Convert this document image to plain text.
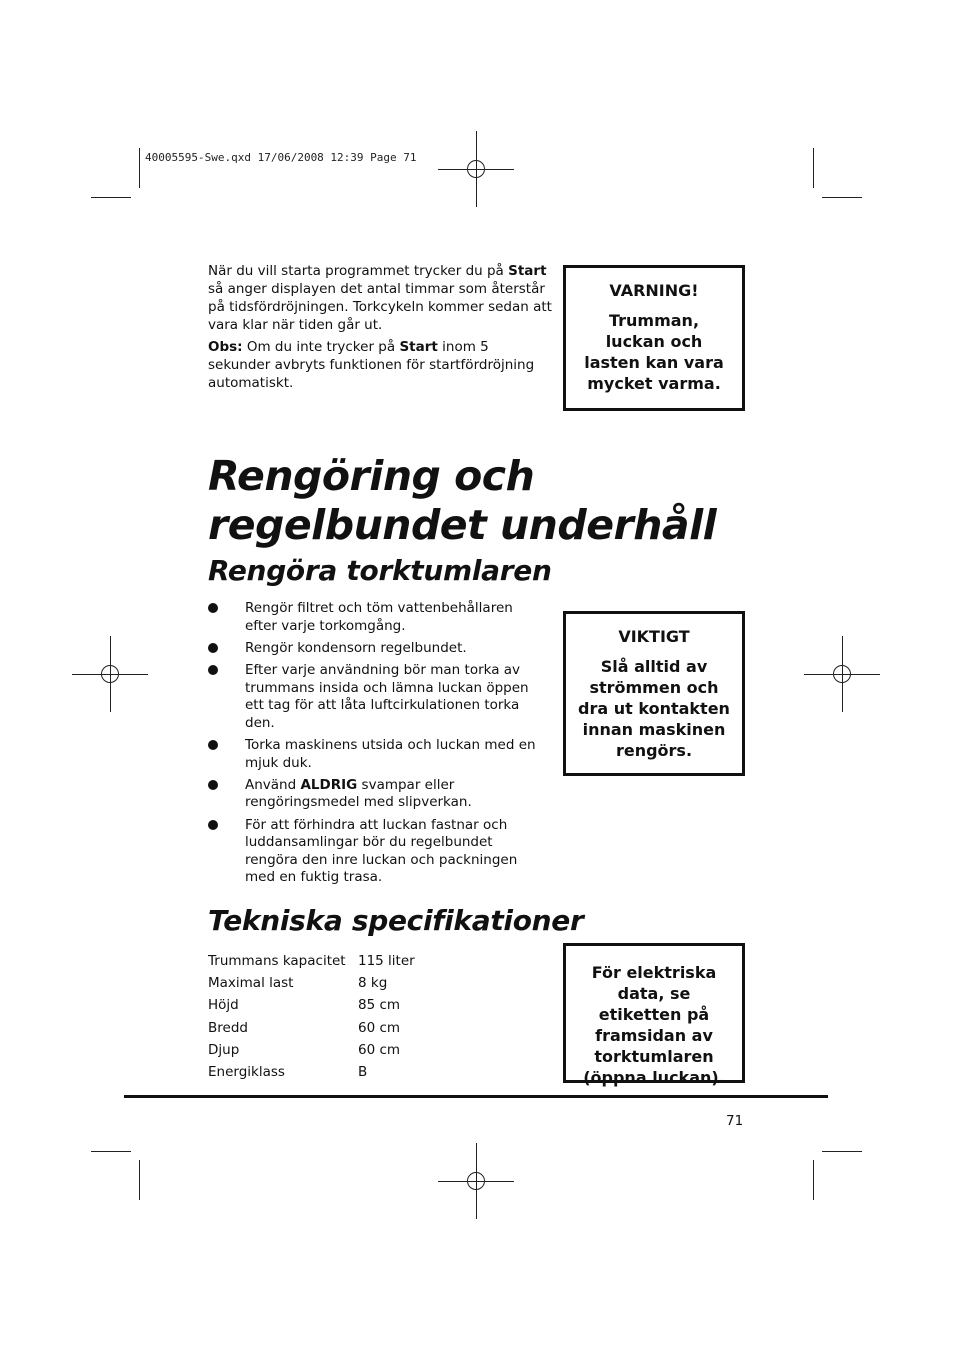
40005595-Swe.qxd 17/06/2008 12:39 Page 71

När du vill starta programmet trycker du på Start så anger displayen det antal timmar som återstår på tidsfördröjningen. Torkcykeln kommer sedan att vara klar när tiden går ut.

Obs: Om du inte trycker på Start inom 5 sekunder avbryts funktionen för startfördröjning automatiskt.

VARNING!
Trumman, luckan och lasten kan vara mycket varma.
Rengöring och
regelbundet underhåll
Rengöra torktumlaren
Rengör filtret och töm vattenbehållaren efter varje torkomgång.
Rengör kondensorn regelbundet.
Efter varje användning bör man torka av trummans insida och lämna luckan öppen ett tag för att låta luftcirkulationen torka den.
Torka maskinens utsida och luckan med en mjuk duk.
Använd ALDRIG svampar eller rengöringsmedel med slipverkan.
För att förhindra att luckan fastnar och luddansamlingar bör du regelbundet rengöra den inre luckan och packningen med en fuktig trasa.
VIKTIGT
Slå alltid av strömmen och dra ut kontakten innan maskinen rengörs.
Tekniska specifikationer
Trummans kapacitet	115 liter
Maximal last	8 kg
Höjd	85 cm
Bredd	60 cm
Djup	60 cm
Energiklass	B
För elektriska data, se etiketten på framsidan av torktumlaren (öppna luckan).
71
